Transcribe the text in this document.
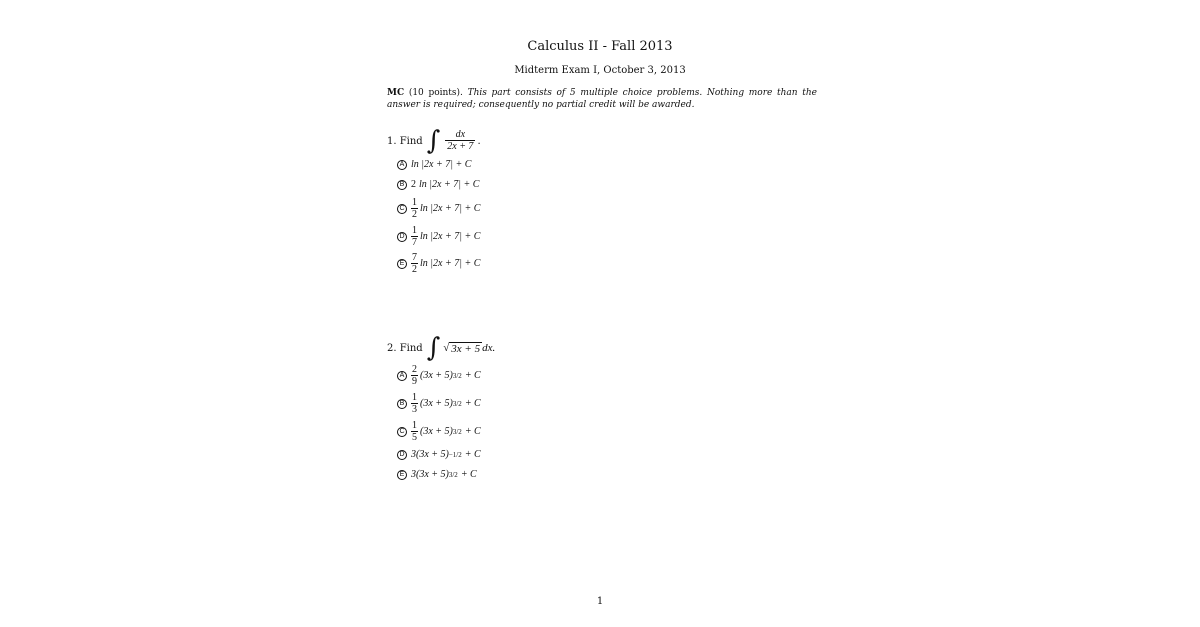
Calculus II - Fall 2013
Midterm Exam I, October 3, 2013
MC (10 points). This part consists of 5 multiple choice problems. Nothing more than the answer is required; consequently no partial credit will be awarded.
1. Find ∫ $\frac{dx}{2x + 7}$ .
A ln |2x + 7| + C
B 2 ln |2x + 7| + C
C $\frac{1}{2}$ ln |2x + 7| + C
D $\frac{1}{7}$ ln |2x + 7| + C
E $\frac{7}{2}$ ln |2x + 7| + C
2. Find ∫ √ 3x + 5 dx.
A $\frac{2}{9} (3x + 5) 3/2 + C$
B $\frac{1}{3} (3x + 5) 3/2 + C$
C $\frac{1}{5} (3x + 5) 3/2 + C$
D 3(3x + 5) −1/2 + C
E 3(3x + 5) 3/2 + C
1
